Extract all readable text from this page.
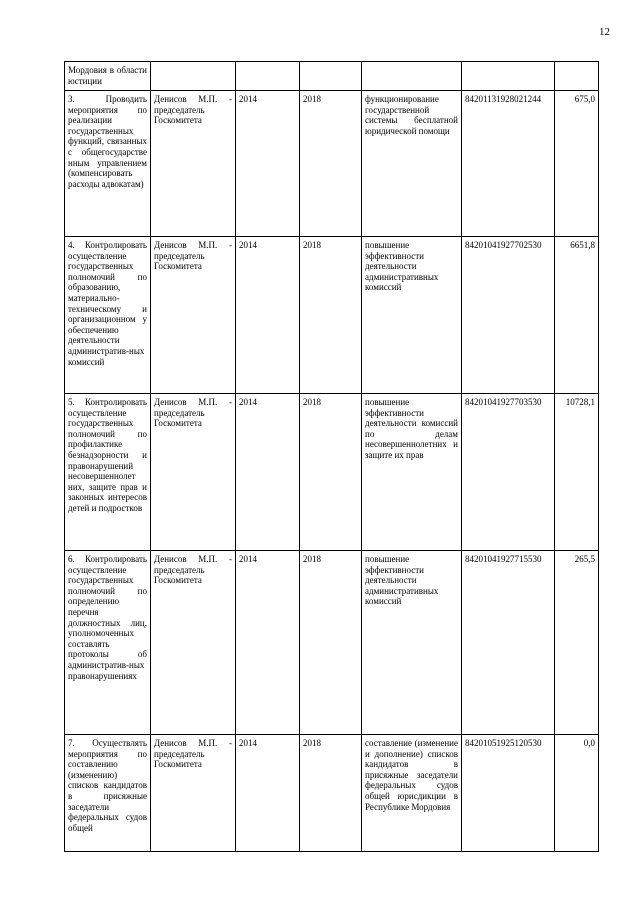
12
Мордовия в области юстиции						
3. Проводить мероприятия по реализации государственных функций, связанных с общегосударстве нным управлением (компенсировать расходы адвокатам)	Денисов М.П. - председатель Госкомитета	2014	2018	функционирование государственной системы бесплатной юридической помощи	84201131928021244	675,0
4. Контролировать осуществление государственных полномочий по образованию, материально-техническому и организационном у обеспечению деятельности административ-ных комиссий	Денисов М.П. - председатель Госкомитета	2014	2018	повышение эффективности деятельности административных комиссий	84201041927702530	6651,8
5. Контролировать осуществление государственных полномочий по профилактике безнадзорности и правонарушений несовершеннолет них, защите прав и законных интересов детей и подростков	Денисов М.П. - председатель Госкомитета	2014	2018	повышение эффективности деятельности комиссий по делам несовершеннолетних и защите их прав	84201041927703530	10728,1
6. Контролировать осуществление государственных полномочий по определению перечня должностных лиц, уполномоченных составлять протоколы об административ-ных правонарушениях	Денисов М.П. - председатель Госкомитета	2014	2018	повышение эффективности деятельности административных комиссий	84201041927715530	265,5
7. Осуществлять мероприятия по составлению (изменению) списков кандидатов в присяжные заседатели федеральных судов общей	Денисов М.П. - председатель Госкомитета	2014	2018	составление (изменение и дополнение) списков кандидатов в присяжные заседатели федеральных судов общей юрисдикции в Республике Мордовия	84201051925120530	0,0
